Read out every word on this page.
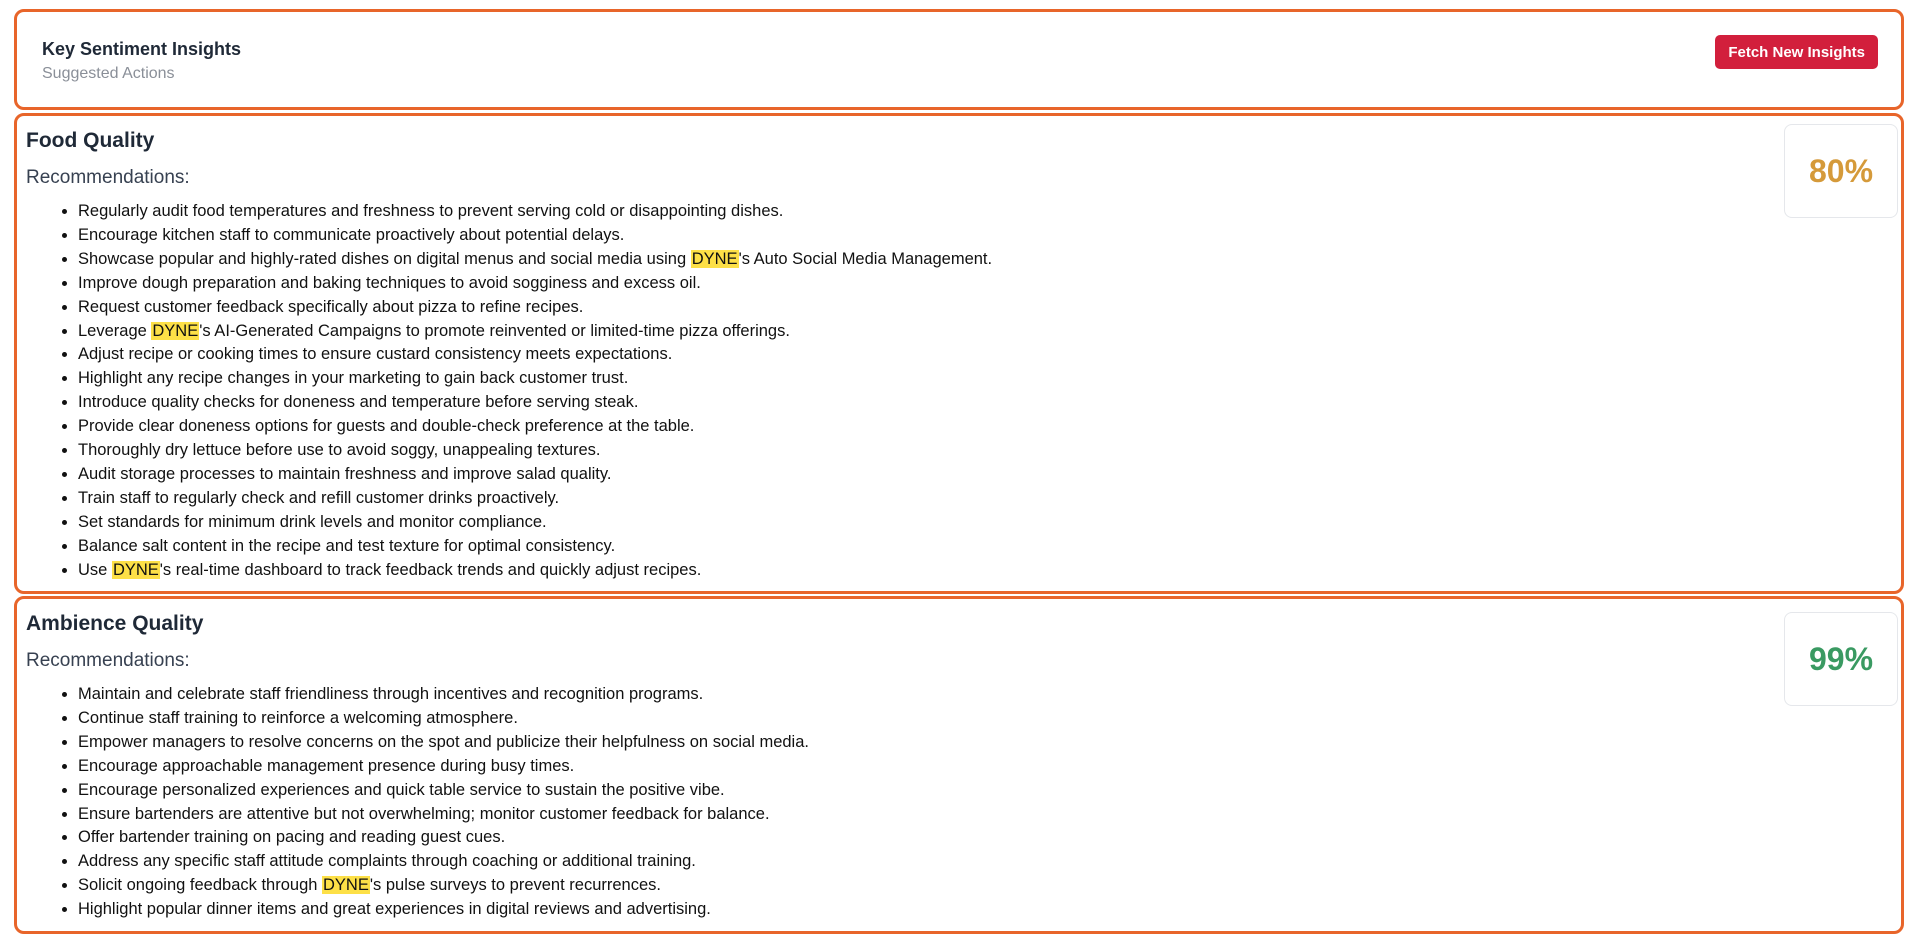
Key Sentiment Insights
Suggested Actions
Fetch New Insights
Food Quality
Recommendations:
• Regularly audit food temperatures and freshness to prevent serving cold or disappointing dishes.
• Encourage kitchen staff to communicate proactively about potential delays.
• Showcase popular and highly-rated dishes on digital menus and social media using DYNE's Auto Social Media Management.
• Improve dough preparation and baking techniques to avoid sogginess and excess oil.
• Request customer feedback specifically about pizza to refine recipes.
• Leverage DYNE's AI-Generated Campaigns to promote reinvented or limited-time pizza offerings.
• Adjust recipe or cooking times to ensure custard consistency meets expectations.
• Highlight any recipe changes in your marketing to gain back customer trust.
• Introduce quality checks for doneness and temperature before serving steak.
• Provide clear doneness options for guests and double-check preference at the table.
• Thoroughly dry lettuce before use to avoid soggy, unappealing textures.
• Audit storage processes to maintain freshness and improve salad quality.
• Train staff to regularly check and refill customer drinks proactively.
• Set standards for minimum drink levels and monitor compliance.
• Balance salt content in the recipe and test texture for optimal consistency.
• Use DYNE's real-time dashboard to track feedback trends and quickly adjust recipes.
80%
Ambience Quality
Recommendations:
• Maintain and celebrate staff friendliness through incentives and recognition programs.
• Continue staff training to reinforce a welcoming atmosphere.
• Empower managers to resolve concerns on the spot and publicize their helpfulness on social media.
• Encourage approachable management presence during busy times.
• Encourage personalized experiences and quick table service to sustain the positive vibe.
• Ensure bartenders are attentive but not overwhelming; monitor customer feedback for balance.
• Offer bartender training on pacing and reading guest cues.
• Address any specific staff attitude complaints through coaching or additional training.
• Solicit ongoing feedback through DYNE's pulse surveys to prevent recurrences.
• Highlight popular dinner items and great experiences in digital reviews and advertising.
99%
